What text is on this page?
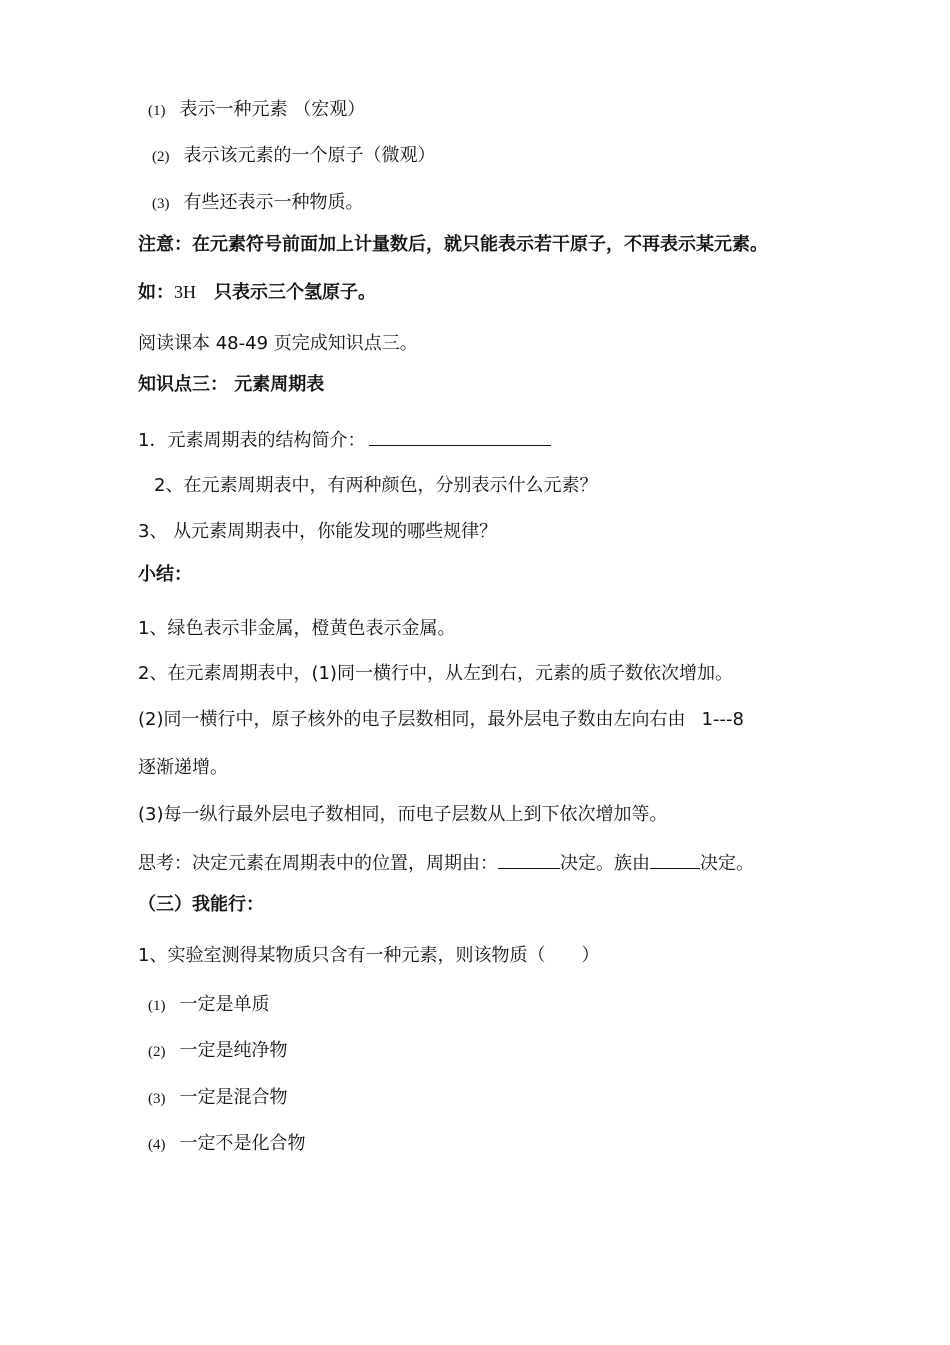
(1) 表示一种元素 （宏观）
(2) 表示该元素的一个原子（微观）
(3) 有些还表示一种物质。
注意：在元素符号前面加上计量数后，就只能表示若干原子，不再表示某元素。
如：3H 只表示三个氢原子。
阅读课本 48-49 页完成知识点三。
知识点三： 元素周期表
1．元素周期表的结构简介：
2、在元素周期表中，有两种颜色，分别表示什么元素？
3、 从元素周期表中，你能发现的哪些规律？
小结：
1、绿色表示非金属，橙黄色表示金属。
2、在元素周期表中，(1)同一横行中，从左到右，元素的质子数依次增加。
(2)同一横行中，原子核外的电子层数相同，最外层电子数由左向右由 1---8
逐渐递增。
(3)每一纵行最外层电子数相同，而电子层数从上到下依次增加等。
思考：决定元素在周期表中的位置，周期由：	决定。族由	决定。
（三）我能行：
1、实验室测得某物质只含有一种元素，则该物质（　　）
(1) 一定是单质
(2) 一定是纯净物
(3) 一定是混合物
(4) 一定不是化合物
